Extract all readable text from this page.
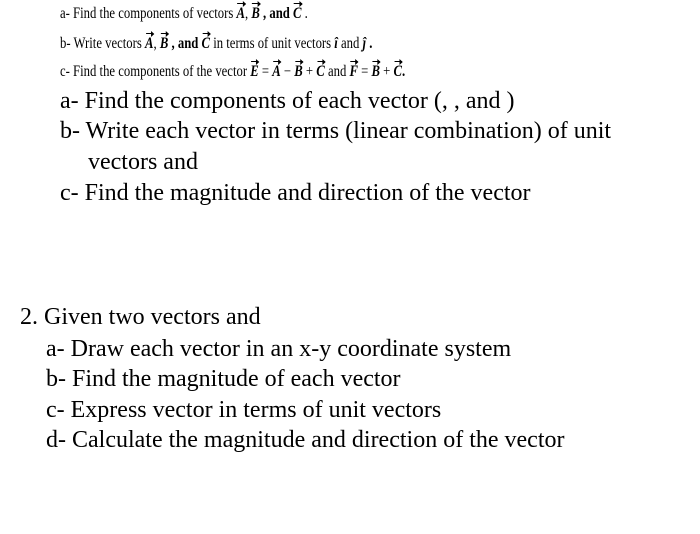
a- Find the components of vectors A, B , and C .
b- Write vectors A, B , and C in terms of unit vectors î and ĵ .
c- Find the components of the vector E = A − B + C and F = B + C.
a- Find the components of each vector (, , and )
b- Write each vector in terms (linear combination) of unit
vectors and
c- Find the magnitude and direction of the vector
2. Given two vectors and
a- Draw each vector in an x-y coordinate system
b- Find the magnitude of each vector
c- Express vector in terms of unit vectors
d- Calculate the magnitude and direction of the vector
